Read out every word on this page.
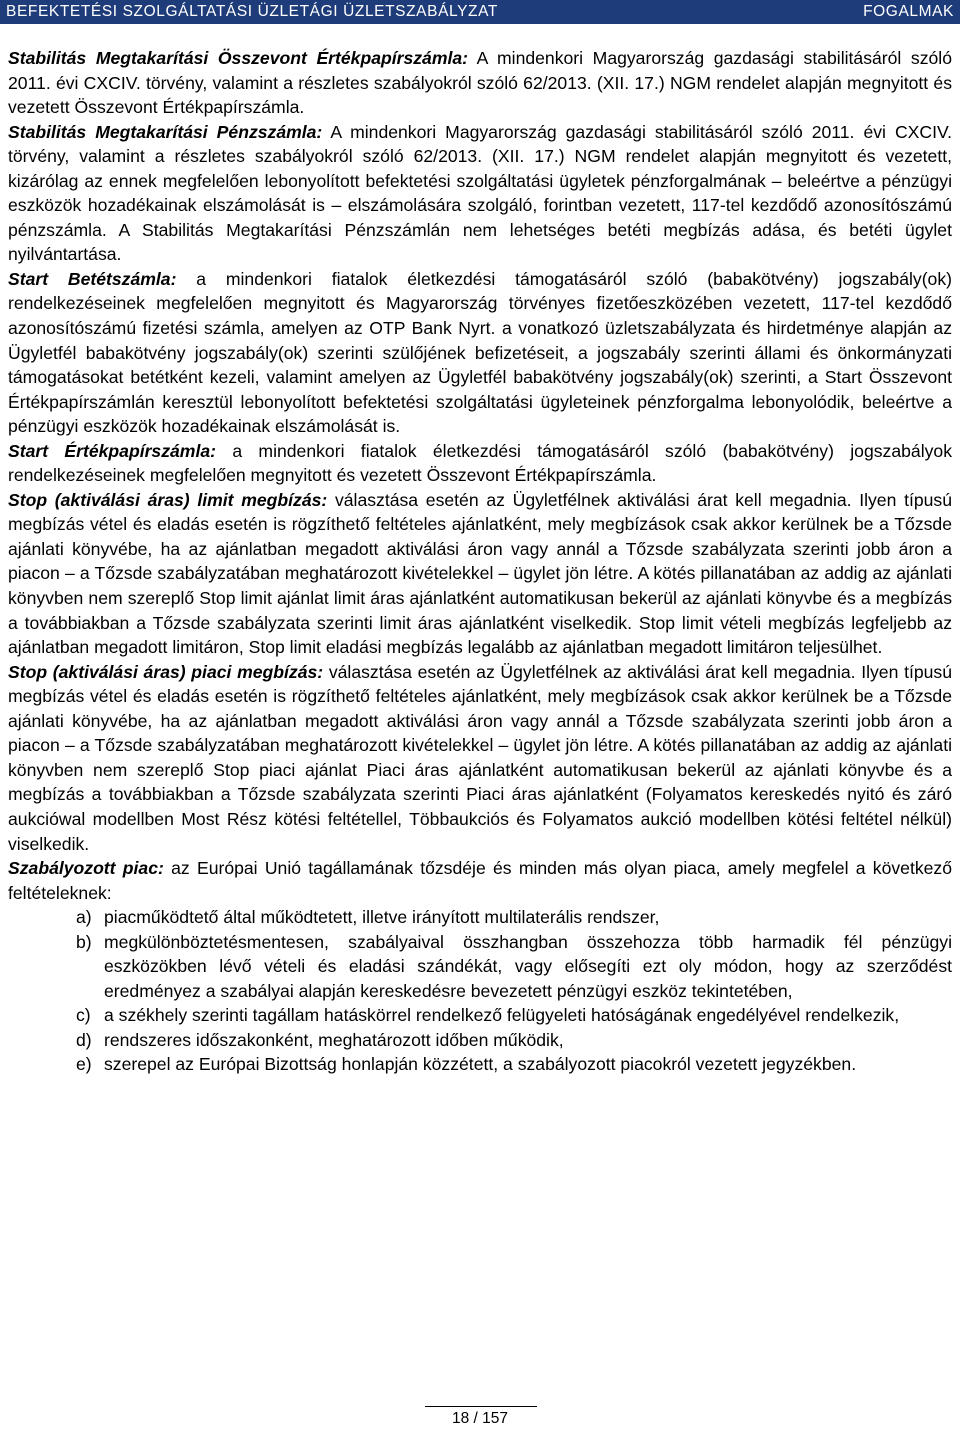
BEFEKTETÉSI SZOLGÁLTATÁSI ÜZLETÁGI ÜZLETSZABÁLYZAT	FOGALMAK

Stabilitás Megtakarítási Összevont Értékpapírszámla: A mindenkori Magyarország gazdasági stabilitásáról szóló 2011. évi CXCIV. törvény, valamint a részletes szabályokról szóló 62/2013. (XII. 17.) NGM rendelet alapján megnyitott és vezetett Összevont Értékpapírszámla.

Stabilitás Megtakarítási Pénzszámla: A mindenkori Magyarország gazdasági stabilitásáról szóló 2011. évi CXCIV. törvény, valamint a részletes szabályokról szóló 62/2013. (XII. 17.) NGM rendelet alapján megnyitott és vezetett, kizárólag az ennek megfelelően lebonyolított befektetési szolgáltatási ügyletek pénzforgalmának – beleértve a pénzügyi eszközök hozadékainak elszámolását is – elszámolására szolgáló, forintban vezetett, 117-tel kezdődő azonosítószámú pénzszámla. A Stabilitás Megtakarítási Pénzszámlán nem lehetséges betéti megbízás adása, és betéti ügylet nyilvántartása.

Start Betétszámla: a mindenkori fiatalok életkezdési támogatásáról szóló (babakötvény) jogszabály(ok) rendelkezéseinek megfelelően megnyitott és Magyarország törvényes fizetőeszközében vezetett, 117-tel kezdődő azonosítószámú fizetési számla, amelyen az OTP Bank Nyrt. a vonatkozó üzletszabályzata és hirdetménye alapján az Ügyletfél babakötvény jogszabály(ok) szerinti szülőjének befizetéseit, a jogszabály szerinti állami és önkormányzati támogatásokat betétként kezeli, valamint amelyen az Ügyletfél babakötvény jogszabály(ok) szerinti, a Start Összevont Értékpapírszámlán keresztül lebonyolított befektetési szolgáltatási ügyleteinek pénzforgalma lebonyolódik, beleértve a pénzügyi eszközök hozadékainak elszámolását is.

Start Értékpapírszámla: a mindenkori fiatalok életkezdési támogatásáról szóló (babakötvény) jogszabályok rendelkezéseinek megfelelően megnyitott és vezetett Összevont Értékpapírszámla.

Stop (aktiválási áras) limit megbízás: választása esetén az Ügyletfélnek aktiválási árat kell megadnia. Ilyen típusú megbízás vétel és eladás esetén is rögzíthető feltételes ajánlatként, mely megbízások csak akkor kerülnek be a Tőzsde ajánlati könyvébe, ha az ajánlatban megadott aktiválási áron vagy annál a Tőzsde szabályzata szerinti jobb áron a piacon – a Tőzsde szabályzatában meghatározott kivételekkel – ügylet jön létre. A kötés pillanatában az addig az ajánlati könyvben nem szereplő Stop limit ajánlat limit áras ajánlatként automatikusan bekerül az ajánlati könyvbe és a megbízás a továbbiakban a Tőzsde szabályzata szerinti limit áras ajánlatként viselkedik. Stop limit vételi megbízás legfeljebb az ajánlatban megadott limitáron, Stop limit eladási megbízás legalább az ajánlatban megadott limitáron teljesülhet.

Stop (aktiválási áras) piaci megbízás: választása esetén az Ügyletfélnek az aktiválási árat kell megadnia. Ilyen típusú megbízás vétel és eladás esetén is rögzíthető feltételes ajánlatként, mely megbízások csak akkor kerülnek be a Tőzsde ajánlati könyvébe, ha az ajánlatban megadott aktiválási áron vagy annál a Tőzsde szabályzata szerinti jobb áron a piacon – a Tőzsde szabályzatában meghatározott kivételekkel – ügylet jön létre. A kötés pillanatában az addig az ajánlati könyvben nem szereplő Stop piaci ajánlat Piaci áras ajánlatként automatikusan bekerül az ajánlati könyvbe és a megbízás a továbbiakban a Tőzsde szabályzata szerinti Piaci áras ajánlatként (Folyamatos kereskedés nyitó és záró aukciówal modellben Most Rész kötési feltétellel, Többaukciós és Folyamatos aukció modellben kötési feltétel nélkül) viselkedik.

Szabályozott piac: az Európai Unió tagállamának tőzsdéje és minden más olyan piaca, amely megfelel a következő feltételeknek:

a) piacműködtető által működtetett, illetve irányított multilaterális rendszer,
b) megkülönböztetésmentesen, szabályaival összhangban összehozza több harmadik fél pénzügyi eszközökben lévő vételi és eladási szándékát, vagy elősegíti ezt oly módon, hogy az szerződést eredményez a szabályai alapján kereskedésre bevezetett pénzügyi eszköz tekintetében,
c) a székhely szerinti tagállam hatáskörrel rendelkező felügyeleti hatóságának engedélyével rendelkezik,
d) rendszeres időszakonként, meghatározott időben működik,
e) szerepel az Európai Bizottság honlapján közzétett, a szabályozott piacokról vezetett jegyzékben.
18 / 157
